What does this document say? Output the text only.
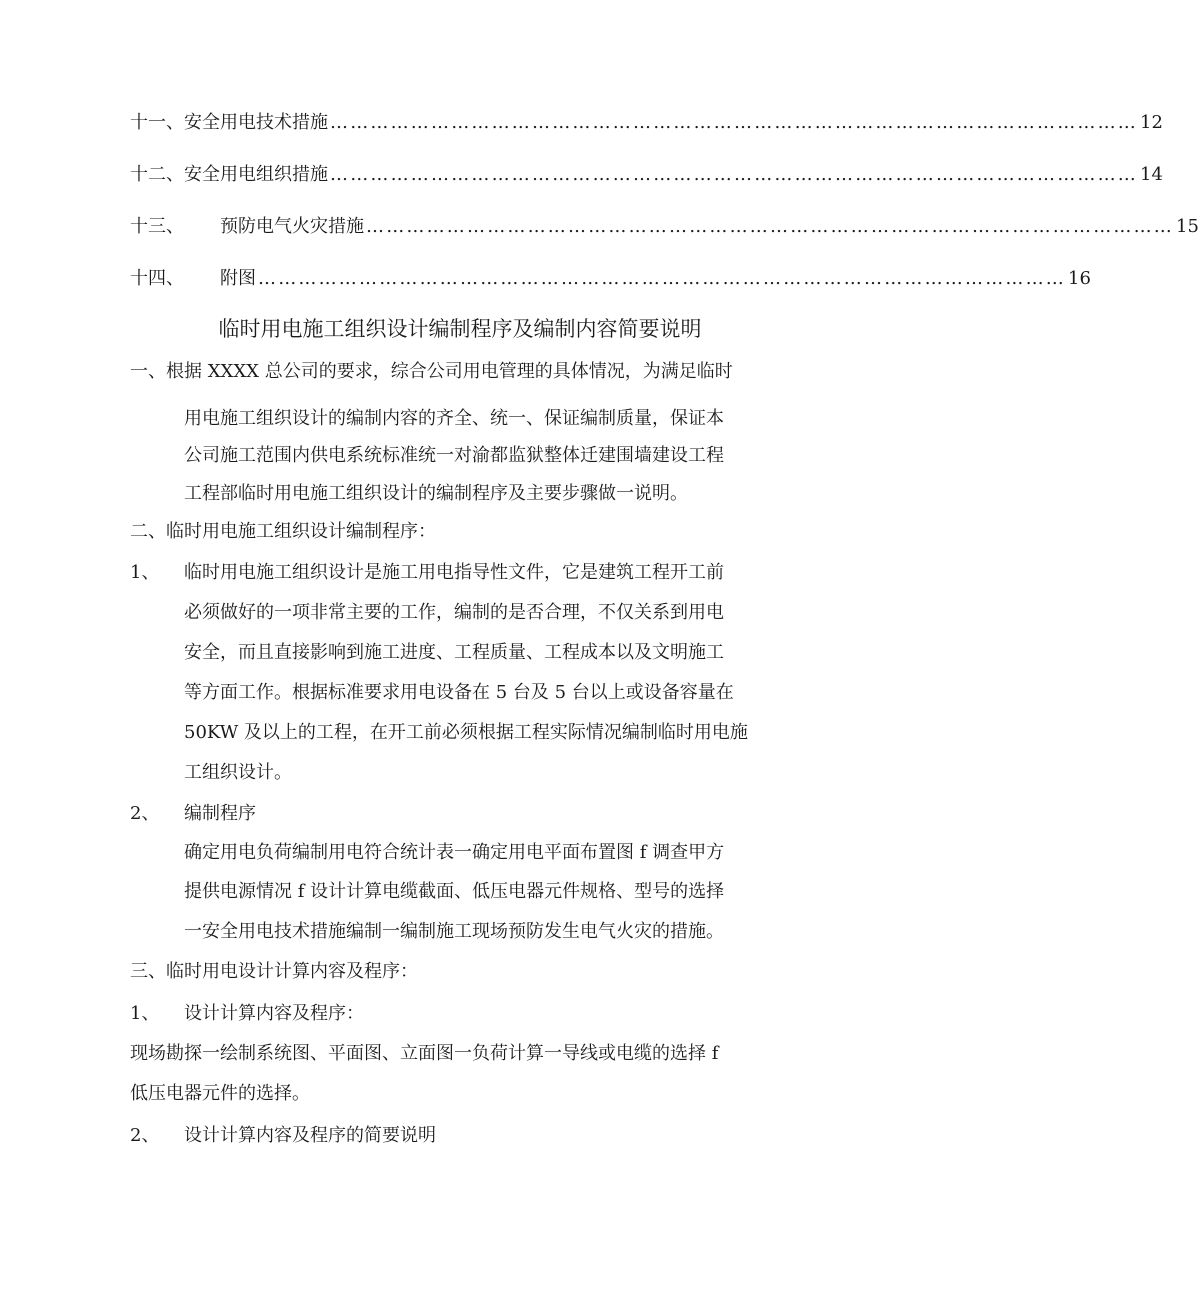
十一、 安全用电技术措施 ………………………………………………………………………………………………………… 12
十二、 安全用电组织措施 ………………………………………………………………………………………………………… 14
十三、 预防电气火灾措施 ………………………………………………………………………………………………………… 15
十四、 附图 ………………………………………………………………………………………………………… 16
临时用电施工组织设计编制程序及编制内容简要说明
一、根据 XXXX 总公司的要求，综合公司用电管理的具体情况，为满足临时
用电施工组织设计的编制内容的齐全、统一、保证编制质量，保证本
公司施工范围内供电系统标准统一对渝都监狱整体迁建围墙建设工程
工程部临时用电施工组织设计的编制程序及主要步骤做一说明。
二、临时用电施工组织设计编制程序：
1、 临时用电施工组织设计是施工用电指导性文件，它是建筑工程开工前
必须做好的一项非常主要的工作，编制的是否合理，不仅关系到用电
安全，而且直接影响到施工进度、工程质量、工程成本以及文明施工
等方面工作。根据标准要求用电设备在 5 台及 5 台以上或设备容量在
50KW 及以上的工程，在开工前必须根据工程实际情况编制临时用电施
工组织设计。
2、 编制程序
确定用电负荷编制用电符合统计表一确定用电平面布置图 f 调查甲方
提供电源情况 f 设计计算电缆截面、低压电器元件规格、型号的选择
一安全用电技术措施编制一编制施工现场预防发生电气火灾的措施。
三、临时用电设计计算内容及程序：
1、 设计计算内容及程序：
现场勘探一绘制系统图、平面图、立面图一负荷计算一导线或电缆的选择 f
低压电器元件的选择。
2、 设计计算内容及程序的简要说明
